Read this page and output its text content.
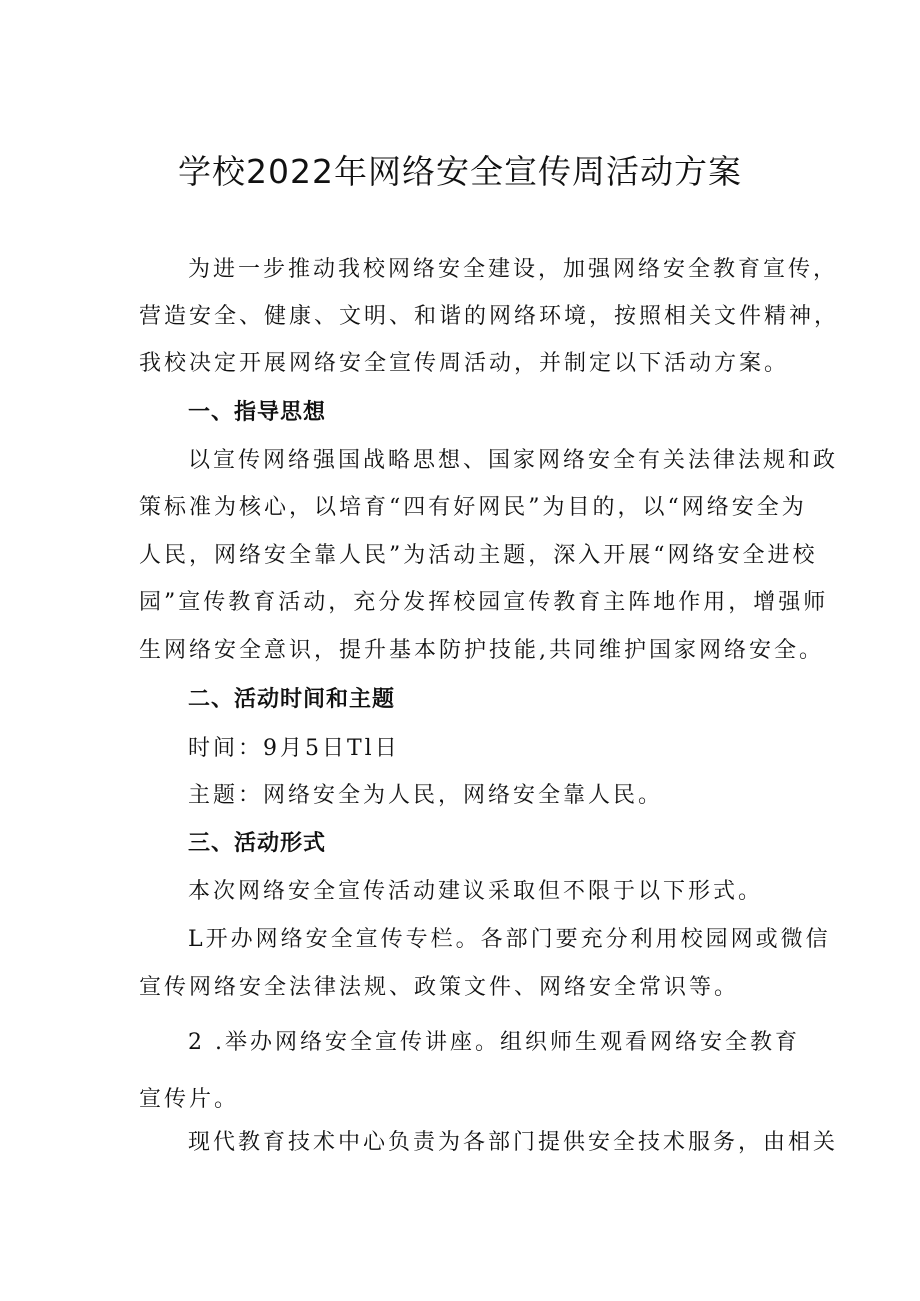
学校2022年网络安全宣传周活动方案
为进一步推动我校网络安全建设，加强网络安全教育宣传，
营造安全、健康、文明、和谐的网络环境，按照相关文件精神，
我校决定开展网络安全宣传周活动，并制定以下活动方案。
一、指导思想
以宣传网络强国战略思想、国家网络安全有关法律法规和政
策标准为核心，以培育“四有好网民”为目的，以“网络安全为
人民，网络安全靠人民”为活动主题，深入开展“网络安全进校
园”宣传教育活动，充分发挥校园宣传教育主阵地作用，增强师
生网络安全意识，提升基本防护技能,共同维护国家网络安全。
二、活动时间和主题
时间：9月5日Tl日
主题：网络安全为人民，网络安全靠人民。
三、活动形式
本次网络安全宣传活动建议采取但不限于以下形式。
L开办网络安全宣传专栏。各部门要充分利用校园网或微信
宣传网络安全法律法规、政策文件、网络安全常识等。
2 .举办网络安全宣传讲座。组织师生观看网络安全教育
宣传片。
现代教育技术中心负责为各部门提供安全技术服务，由相关
